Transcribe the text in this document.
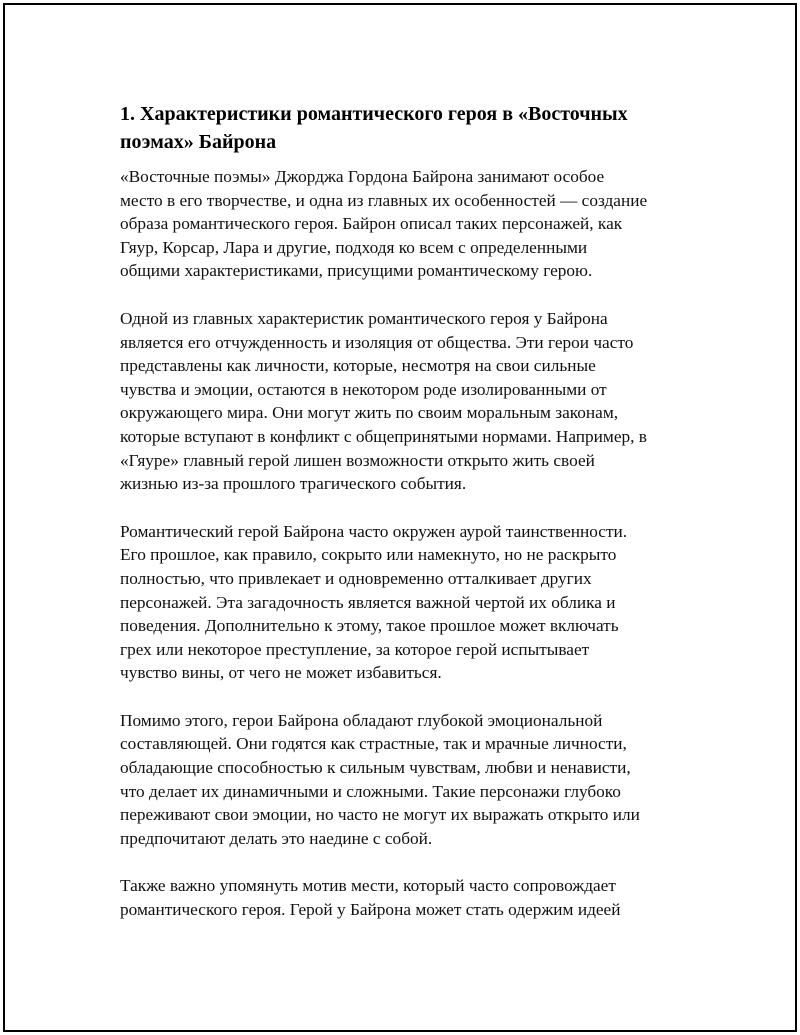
1. Характеристики романтического героя в «Восточных
поэмах» Байрона

«Восточные поэмы» Джорджа Гордона Байрона занимают особое
место в его творчестве, и одна из главных их особенностей — создание
образа романтического героя. Байрон описал таких персонажей, как
Гяур, Корсар, Лара и другие, подходя ко всем с определенными
общими характеристиками, присущими романтическому герою.

Одной из главных характеристик романтического героя у Байрона
является его отчужденность и изоляция от общества. Эти герои часто
представлены как личности, которые, несмотря на свои сильные
чувства и эмоции, остаются в некотором роде изолированными от
окружающего мира. Они могут жить по своим моральным законам,
которые вступают в конфликт с общепринятыми нормами. Например, в
«Гяуре» главный герой лишен возможности открыто жить своей
жизнью из-за прошлого трагического события.

Романтический герой Байрона часто окружен аурой таинственности.
Его прошлое, как правило, сокрыто или намекнуто, но не раскрыто
полностью, что привлекает и одновременно отталкивает других
персонажей. Эта загадочность является важной чертой их облика и
поведения. Дополнительно к этому, такое прошлое может включать
грех или некоторое преступление, за которое герой испытывает
чувство вины, от чего не может избавиться.

Помимо этого, герои Байрона обладают глубокой эмоциональной
составляющей. Они годятся как страстные, так и мрачные личности,
обладающие способностью к сильным чувствам, любви и ненависти,
что делает их динамичными и сложными. Такие персонажи глубоко
переживают свои эмоции, но часто не могут их выражать открыто или
предпочитают делать это наедине с собой.

Также важно упомянуть мотив мести, который часто сопровождает
романтического героя. Герой у Байрона может стать одержим идеей
